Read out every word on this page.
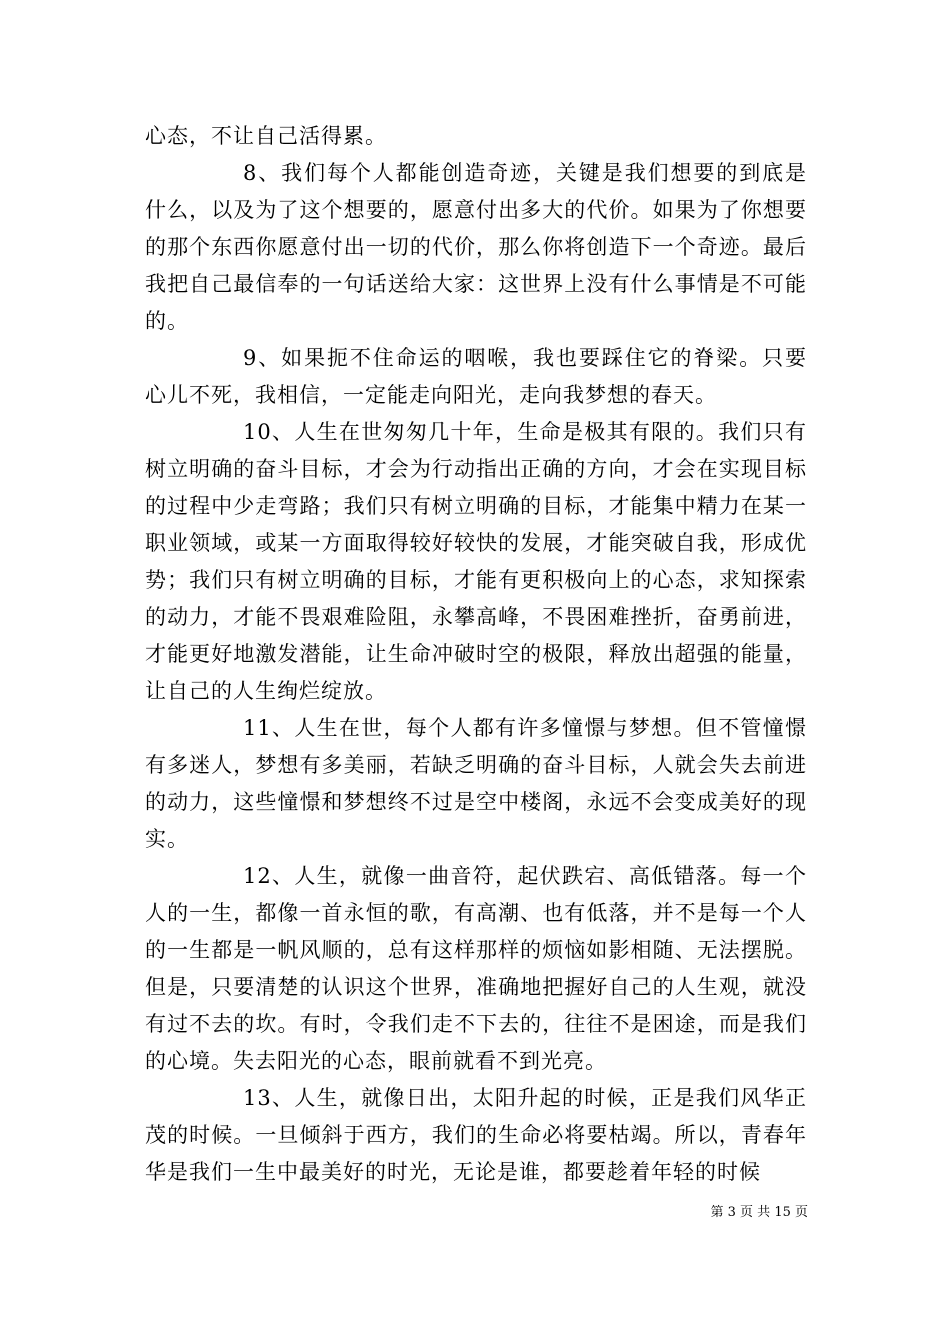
心态，不让自己活得累。

8、我们每个人都能创造奇迹，关键是我们想要的到底是什么，以及为了这个想要的，愿意付出多大的代价。如果为了你想要的那个东西你愿意付出一切的代价，那么你将创造下一个奇迹。最后我把自己最信奉的一句话送给大家：这世界上没有什么事情是不可能的。

9、如果扼不住命运的咽喉，我也要踩住它的脊梁。只要心儿不死，我相信，一定能走向阳光，走向我梦想的春天。

10、人生在世匆匆几十年，生命是极其有限的。我们只有树立明确的奋斗目标，才会为行动指出正确的方向，才会在实现目标的过程中少走弯路；我们只有树立明确的目标，才能集中精力在某一职业领域，或某一方面取得较好较快的发展，才能突破自我，形成优势；我们只有树立明确的目标，才能有更积极向上的心态，求知探索的动力，才能不畏艰难险阻，永攀高峰，不畏困难挫折，奋勇前进，才能更好地激发潜能，让生命冲破时空的极限，释放出超强的能量，让自己的人生绚烂绽放。

11、人生在世，每个人都有许多憧憬与梦想。但不管憧憬有多迷人，梦想有多美丽，若缺乏明确的奋斗目标，人就会失去前进的动力，这些憧憬和梦想终不过是空中楼阁，永远不会变成美好的现实。

12、人生，就像一曲音符，起伏跌宕、高低错落。每一个人的一生，都像一首永恒的歌，有高潮、也有低落，并不是每一个人的一生都是一帆风顺的，总有这样那样的烦恼如影相随、无法摆脱。但是，只要清楚的认识这个世界，准确地把握好自己的人生观，就没有过不去的坎。有时，令我们走不下去的，往往不是困途，而是我们的心境。失去阳光的心态，眼前就看不到光亮。

13、人生，就像日出，太阳升起的时候，正是我们风华正茂的时候。一旦倾斜于西方，我们的生命必将要枯竭。所以，青春年华是我们一生中最美好的时光，无论是谁，都要趁着年轻的时候

第 3 页 共 15 页
